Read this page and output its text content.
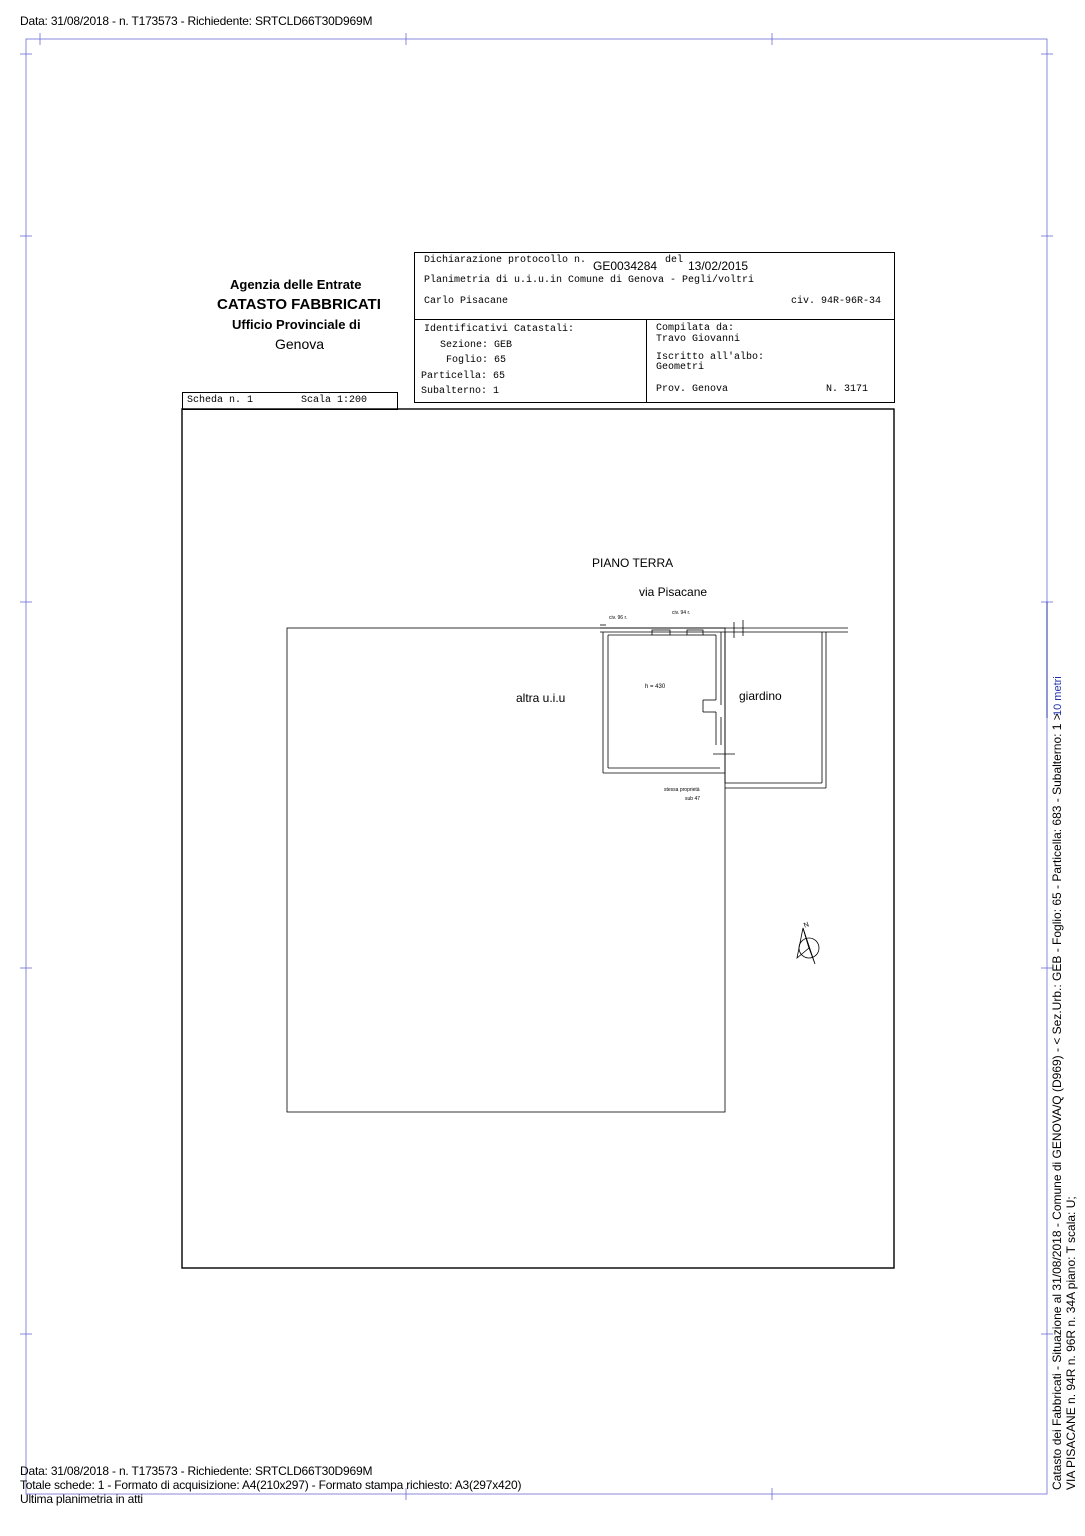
Data: 31/08/2018 - n. T173573 - Richiedente: SRTCLD66T30D969M
Agenzia delle Entrate
CATASTO FABBRICATI
Ufficio Provinciale di
Genova
Dichiarazione protocollo n. GE0034284 del 13/02/2015
Planimetria di u.i.u.in Comune di Genova - Pegli/voltri
Carlo Pisacane	civ. 94R-96R-34
Identificativi Catastali:
Sezione: GEB
Foglio: 65
Particella: 65
Subalterno: 1
Compilata da:
Travo Giovanni
Iscritto all'albo:
Geometri
Prov. Genova	N. 3171
Scheda n. 1	Scala 1:200
PIANO TERRA
via Pisacane
civ. 96 r.
civ. 94 r.
h = 430
altra u.i.u	giardino
stessa proprietà
sub 47
N	Catasto dei Fabbricati - Situazione al 31/08/2018 - Comune di GENOVA/Q (D969) - < Sez.Urb.: GEB - Foglio: 65 - Particella: 683 - Subalterno: 1 > VIA PISACANE n. 94R n. 96R n. 34A piano: T scala: U;
10 metri
Data: 31/08/2018 - n. T173573 - Richiedente: SRTCLD66T30D969M
Totale schede: 1 - Formato di acquisizione: A4(210x297) - Formato stampa richiesto: A3(297x420)
Ultima planimetria in atti
